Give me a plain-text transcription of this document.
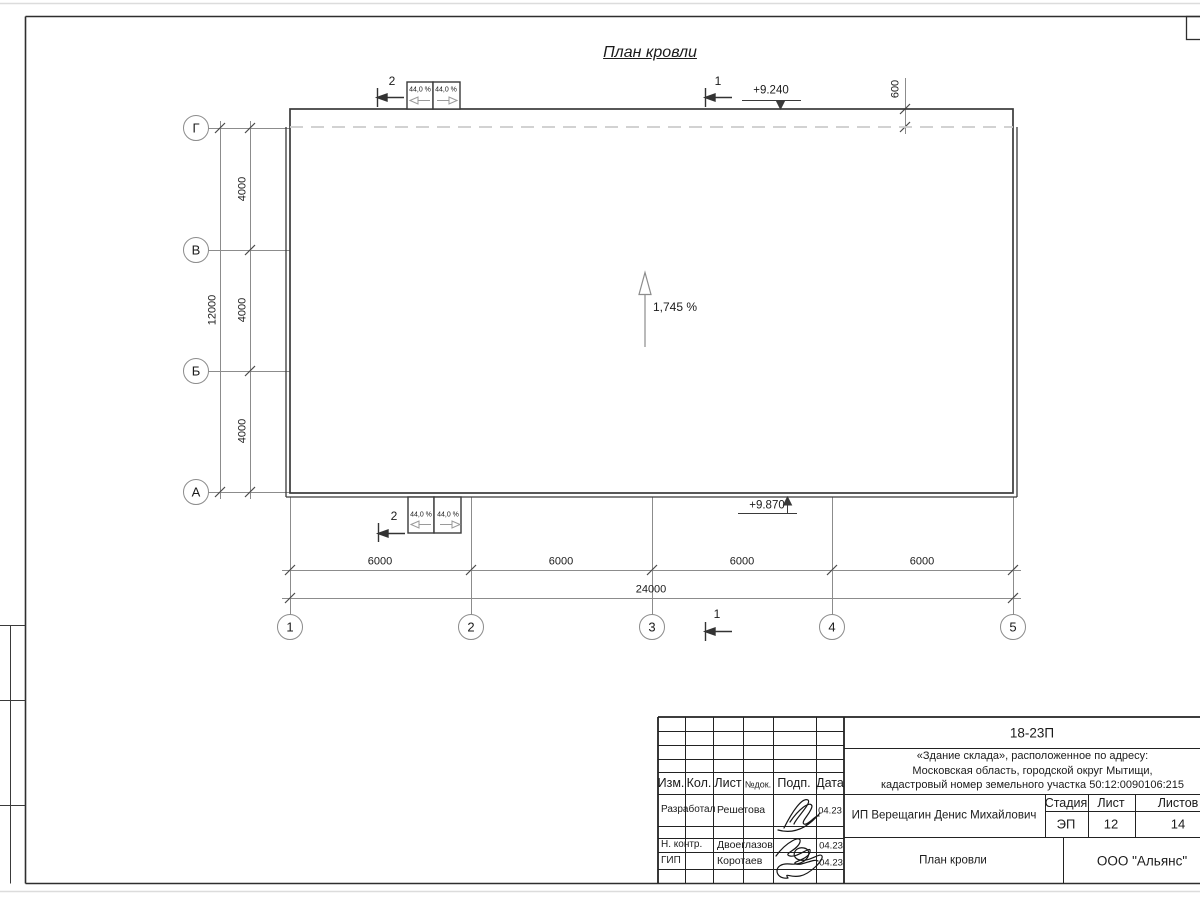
План кровли
Г
В
Б
А
1	2	3	4	5
4000
4000
4000
12000
600
6000	6000	6000	6000
24000
+9.240
+9.870
1,745 %
44,0 % 44,0 %
44,0 % 44,0 %
2	1
2
1
Изм. Кол. Лист №док. Подп. Дата
Разработал Решетова	04.23
Н. контр. Двоеглазов	04.23
ГИП	Коротаев	04.23
18-23П
«Здание склада», расположенное по адресу:
Московская область, городской округ Мытищи,
кадастровый номер земельного участка 50:12:0090106:215
ИП Верещагин Денис Михайлович
Стадия Лист	Листов
ЭП 12	14
План кровли	ООО "Альянс"
